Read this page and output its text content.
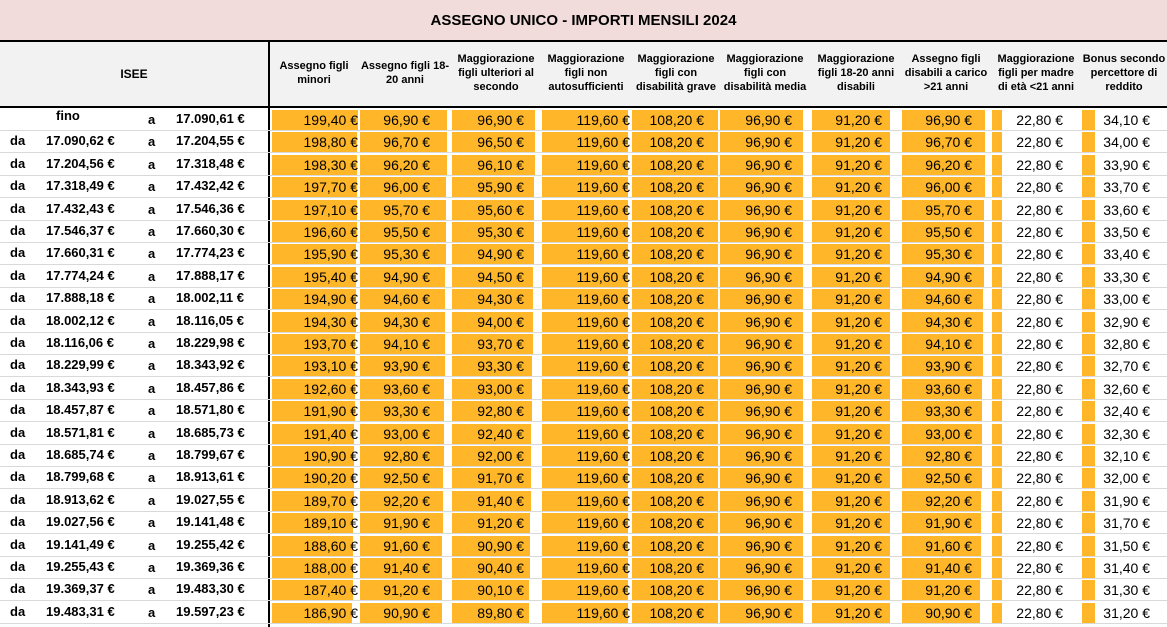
ASSEGNO UNICO - IMPORTI MENSILI 2024
ISEE
Assegno figli minori
Assegno figli 18-20 anni
Maggiorazione figli ulteriori al secondo
Maggiorazione figli non autosufficienti
Maggiorazione figli con disabilità grave
Maggiorazione figli con disabilità media
Maggiorazione figli 18-20 anni disabili
Assegno figli disabili a carico >21 anni
Maggiorazione figli per madre di età <21 anni
Bonus secondo percettore di reddito
fino	a 17.090,61 €	199,40 €	96,90 €	96,90 €	119,60 €	108,20 €	96,90 €	91,20 €	96,90 €	22,80 €	34,10 €
da 17.090,62 €	a 17.204,55 €	198,80 €	96,70 €	96,50 €	119,60 €	108,20 €	96,90 €	91,20 €	96,70 €	22,80 €	34,00 €
da 17.204,56 €	a 17.318,48 €	198,30 €	96,20 €	96,10 €	119,60 €	108,20 €	96,90 €	91,20 €	96,20 €	22,80 €	33,90 €
da 17.318,49 €	a 17.432,42 €	197,70 €	96,00 €	95,90 €	119,60 €	108,20 €	96,90 €	91,20 €	96,00 €	22,80 €	33,70 €
da 17.432,43 €	a 17.546,36 €	197,10 €	95,70 €	95,60 €	119,60 €	108,20 €	96,90 €	91,20 €	95,70 €	22,80 €	33,60 €
da 17.546,37 €	a 17.660,30 €	196,60 €	95,50 €	95,30 €	119,60 €	108,20 €	96,90 €	91,20 €	95,50 €	22,80 €	33,50 €
da 17.660,31 €	a 17.774,23 €	195,90 €	95,30 €	94,90 €	119,60 €	108,20 €	96,90 €	91,20 €	95,30 €	22,80 €	33,40 €
da 17.774,24 €	a 17.888,17 €	195,40 €	94,90 €	94,50 €	119,60 €	108,20 €	96,90 €	91,20 €	94,90 €	22,80 €	33,30 €
da 17.888,18 €	a 18.002,11 €	194,90 €	94,60 €	94,30 €	119,60 €	108,20 €	96,90 €	91,20 €	94,60 €	22,80 €	33,00 €
da 18.002,12 €	a 18.116,05 €	194,30 €	94,30 €	94,00 €	119,60 €	108,20 €	96,90 €	91,20 €	94,30 €	22,80 €	32,90 €
da 18.116,06 €	a 18.229,98 €	193,70 €	94,10 €	93,70 €	119,60 €	108,20 €	96,90 €	91,20 €	94,10 €	22,80 €	32,80 €
da 18.229,99 €	a 18.343,92 €	193,10 €	93,90 €	93,30 €	119,60 €	108,20 €	96,90 €	91,20 €	93,90 €	22,80 €	32,70 €
da 18.343,93 €	a 18.457,86 €	192,60 €	93,60 €	93,00 €	119,60 €	108,20 €	96,90 €	91,20 €	93,60 €	22,80 €	32,60 €
da 18.457,87 €	a 18.571,80 €	191,90 €	93,30 €	92,80 €	119,60 €	108,20 €	96,90 €	91,20 €	93,30 €	22,80 €	32,40 €
da 18.571,81 €	a 18.685,73 €	191,40 €	93,00 €	92,40 €	119,60 €	108,20 €	96,90 €	91,20 €	93,00 €	22,80 €	32,30 €
da 18.685,74 €	a 18.799,67 €	190,90 €	92,80 €	92,00 €	119,60 €	108,20 €	96,90 €	91,20 €	92,80 €	22,80 €	32,10 €
da 18.799,68 €	a 18.913,61 €	190,20 €	92,50 €	91,70 €	119,60 €	108,20 €	96,90 €	91,20 €	92,50 €	22,80 €	32,00 €
da 18.913,62 €	a 19.027,55 €	189,70 €	92,20 €	91,40 €	119,60 €	108,20 €	96,90 €	91,20 €	92,20 €	22,80 €	31,90 €
da 19.027,56 €	a 19.141,48 €	189,10 €	91,90 €	91,20 €	119,60 €	108,20 €	96,90 €	91,20 €	91,90 €	22,80 €	31,70 €
da 19.141,49 €	a 19.255,42 €	188,60 €	91,60 €	90,90 €	119,60 €	108,20 €	96,90 €	91,20 €	91,60 €	22,80 €	31,50 €
da 19.255,43 €	a 19.369,36 €	188,00 €	91,40 €	90,40 €	119,60 €	108,20 €	96,90 €	91,20 €	91,40 €	22,80 €	31,40 €
da 19.369,37 €	a 19.483,30 €	187,40 €	91,20 €	90,10 €	119,60 €	108,20 €	96,90 €	91,20 €	91,20 €	22,80 €	31,30 €
da 19.483,31 €	a 19.597,23 €	186,90 €	90,90 €	89,80 €	119,60 €	108,20 €	96,90 €	91,20 €	90,90 €	22,80 €	31,20 €
